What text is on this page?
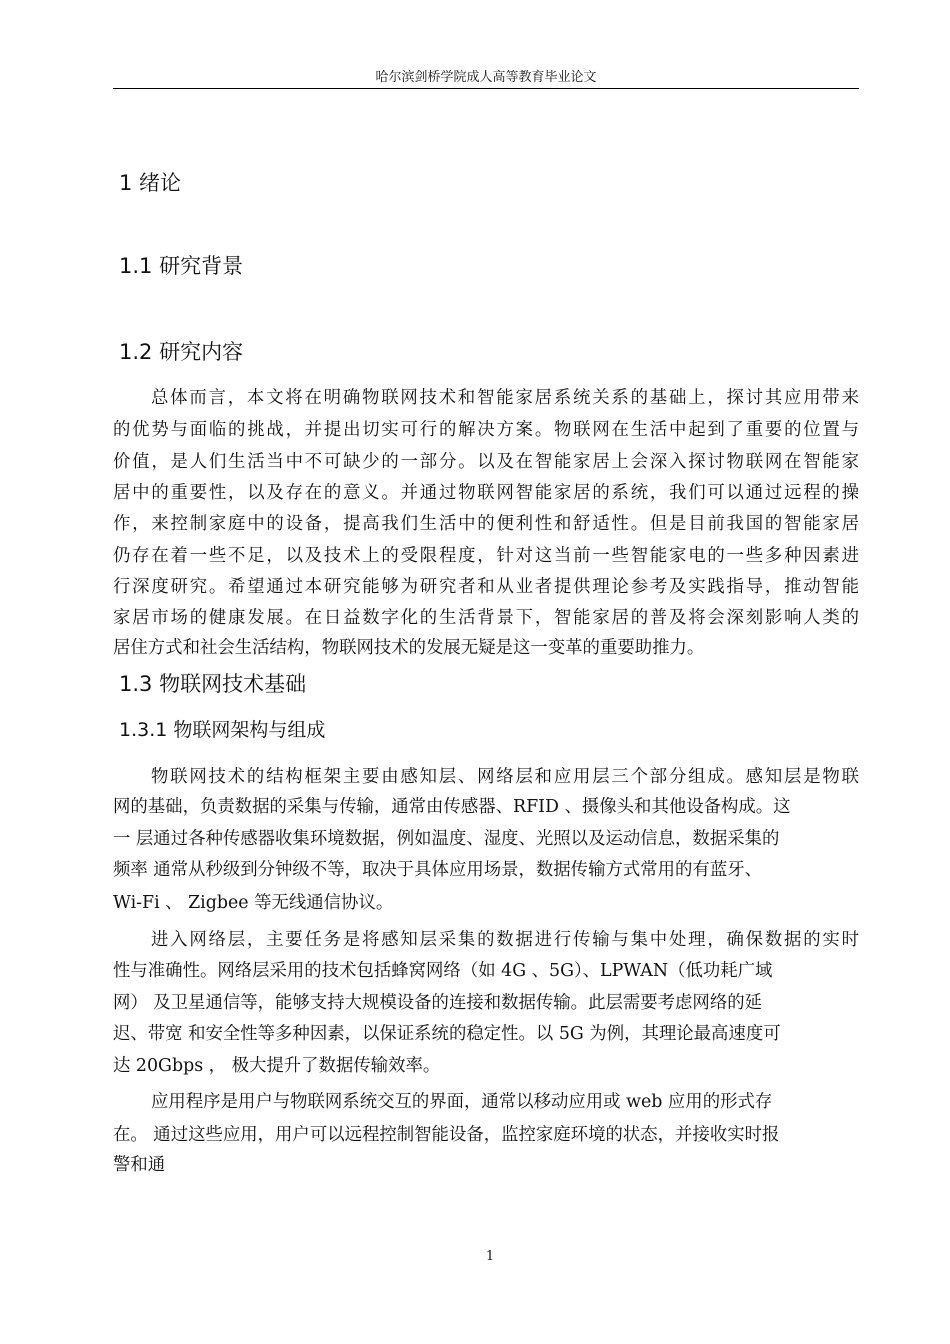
哈尔滨剑桥学院成人高等教育毕业论文
1 绪论
1.1 研究背景
1.2 研究内容
总体而言，本文将在明确物联网技术和智能家居系统关系的基础上，探讨其应用带来
的优势与面临的挑战，并提出切实可行的解决方案。物联网在生活中起到了重要的位置与
价值，是人们生活当中不可缺少的一部分。以及在智能家居上会深入探讨物联网在智能家
居中的重要性，以及存在的意义。并通过物联网智能家居的系统，我们可以通过远程的操
作，来控制家庭中的设备，提高我们生活中的便利性和舒适性。但是目前我国的智能家居
仍存在着一些不足，以及技术上的受限程度，针对这当前一些智能家电的一些多种因素进
行深度研究。希望通过本研究能够为研究者和从业者提供理论参考及实践指导，推动智能
家居市场的健康发展。在日益数字化的生活背景下，智能家居的普及将会深刻影响人类的
居住方式和社会生活结构，物联网技术的发展无疑是这一变革的重要助推力。
1.3 物联网技术基础
1.3.1 物联网架构与组成
物联网技术的结构框架主要由感知层、网络层和应用层三个部分组成。感知层是物联
网的基础，负责数据的采集与传输，通常由传感器、RFID 、摄像头和其他设备构成。这
一 层通过各种传感器收集环境数据，例如温度、湿度、光照以及运动信息，数据采集的
频率 通常从秒级到分钟级不等，取决于具体应用场景，数据传输方式常用的有蓝牙、
Wi-Fi 、 Zigbee 等无线通信协议。
进入网络层，主要任务是将感知层采集的数据进行传输与集中处理，确保数据的实时
性与准确性。网络层采用的技术包括蜂窝网络（如 4G 、5G）、LPWAN（低功耗广域
网） 及卫星通信等，能够支持大规模设备的连接和数据传输。此层需要考虑网络的延
迟、带宽 和安全性等多种因素，以保证系统的稳定性。以 5G 为例，其理论最高速度可
达 20Gbps ， 极大提升了数据传输效率。
应用程序是用户与物联网系统交互的界面，通常以移动应用或 web 应用的形式存
在。 通过这些应用，用户可以远程控制智能设备，监控家庭环境的状态，并接收实时报
警和通
1
